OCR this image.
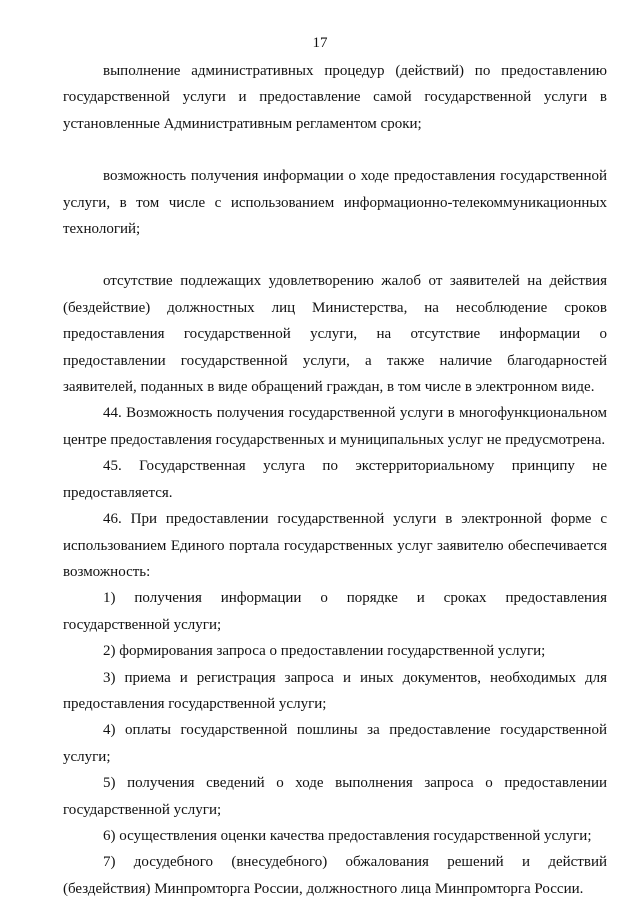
17

выполнение административных процедур (действий) по предоставлению государственной услуги и предоставление самой государственной услуги в установленные Административным регламентом сроки;

возможность получения информации о ходе предоставления государственной услуги, в том числе с использованием информационно-телекоммуникационных технологий;

отсутствие подлежащих удовлетворению жалоб от заявителей на действия (бездействие) должностных лиц Министерства, на несоблюдение сроков предоставления государственной услуги, на отсутствие информации о предоставлении государственной услуги, а также наличие благодарностей заявителей, поданных в виде обращений граждан, в том числе в электронном виде.

44. Возможность получения государственной услуги в многофункциональном центре предоставления государственных и муниципальных услуг не предусмотрена.

45. Государственная услуга по экстерриториальному принципу не предоставляется.

46. При предоставлении государственной услуги в электронной форме с использованием Единого портала государственных услуг заявителю обеспечивается возможность:

1) получения информации о порядке и сроках предоставления государственной услуги;

2) формирования запроса о предоставлении государственной услуги;

3) приема и регистрация запроса и иных документов, необходимых для предоставления государственной услуги;

4) оплаты государственной пошлины за предоставление государственной услуги;

5) получения сведений о ходе выполнения запроса о предоставлении государственной услуги;

6) осуществления оценки качества предоставления государственной услуги;

7) досудебного (внесудебного) обжалования решений и действий (бездействия) Минпромторга России, должностного лица Минпромторга России.
